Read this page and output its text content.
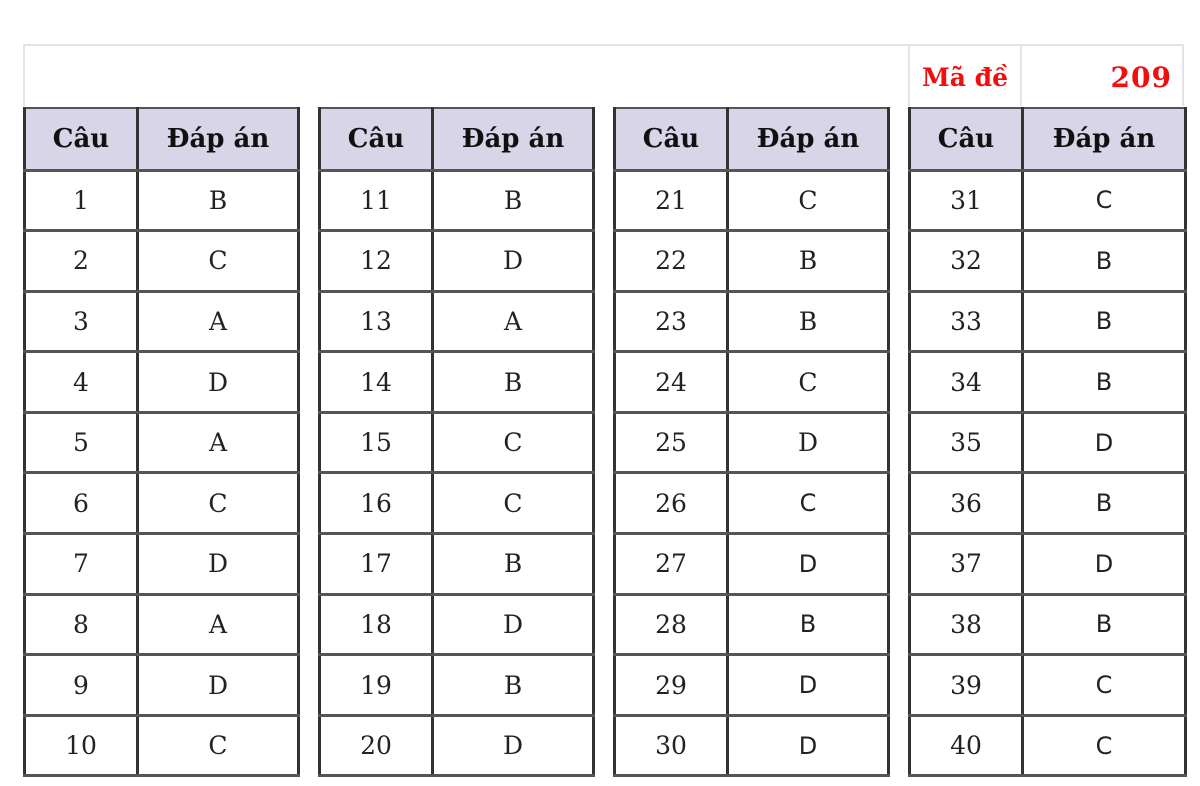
Mã đề	209
Câu	Đáp án
1	B
2	C
3	A
4	D
5	A
6	C
7	D
8	A
9	D
10	C
Câu	Đáp án
11	B
12	D
13	A
14	B
15	C
16	C
17	B
18	D
19	B
20	D
Câu	Đáp án
21	C
22	B
23	B
24	C
25	D
26	C
27	D
28	B
29	D
30	D
Câu	Đáp án
31	C
32	B
33	B
34	B
35	D
36	B
37	D
38	B
39	C
40	C
